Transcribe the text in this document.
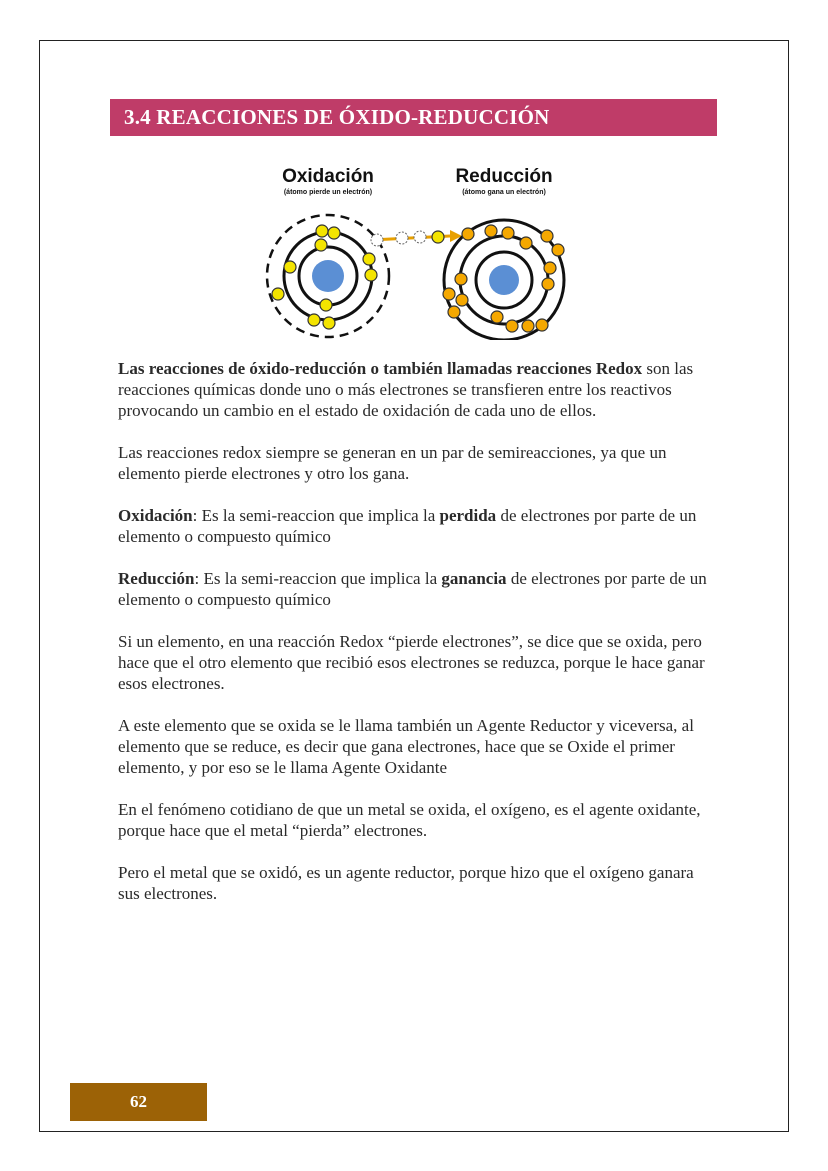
3.4 REACCIONES DE ÓXIDO-REDUCCIÓN
Oxidación
(átomo pierde un electrón)
Reducción
(átomo gana un electrón)

Las reacciones de óxido-reducción o también llamadas reacciones Redox son las reacciones químicas donde uno o más electrones se transfieren entre los reactivos provocando un cambio en el estado de oxidación de cada uno de ellos.

Las reacciones redox siempre se generan en un par de semireacciones, ya que un elemento pierde electrones y otro los gana.

Oxidación: Es la semi-reaccion que implica la perdida de electrones por parte de un elemento o compuesto químico

Reducción: Es la semi-reaccion que implica la ganancia de electrones por parte de un elemento o compuesto químico

Si un elemento, en una reacción Redox “pierde electrones”, se dice que se oxida, pero hace que el otro elemento que recibió esos electrones se reduzca, porque le hace ganar esos electrones.

A este elemento que se oxida se le llama también un Agente Reductor y viceversa, al elemento que se reduce, es decir que gana electrones, hace que se Oxide el primer elemento, y por eso se le llama Agente Oxidante

En el fenómeno cotidiano de que un metal se oxida, el oxígeno, es el agente oxidante, porque hace que el metal “pierda” electrones.

Pero el metal que se oxidó, es un agente reductor, porque hizo que el oxígeno ganara sus electrones.

62
